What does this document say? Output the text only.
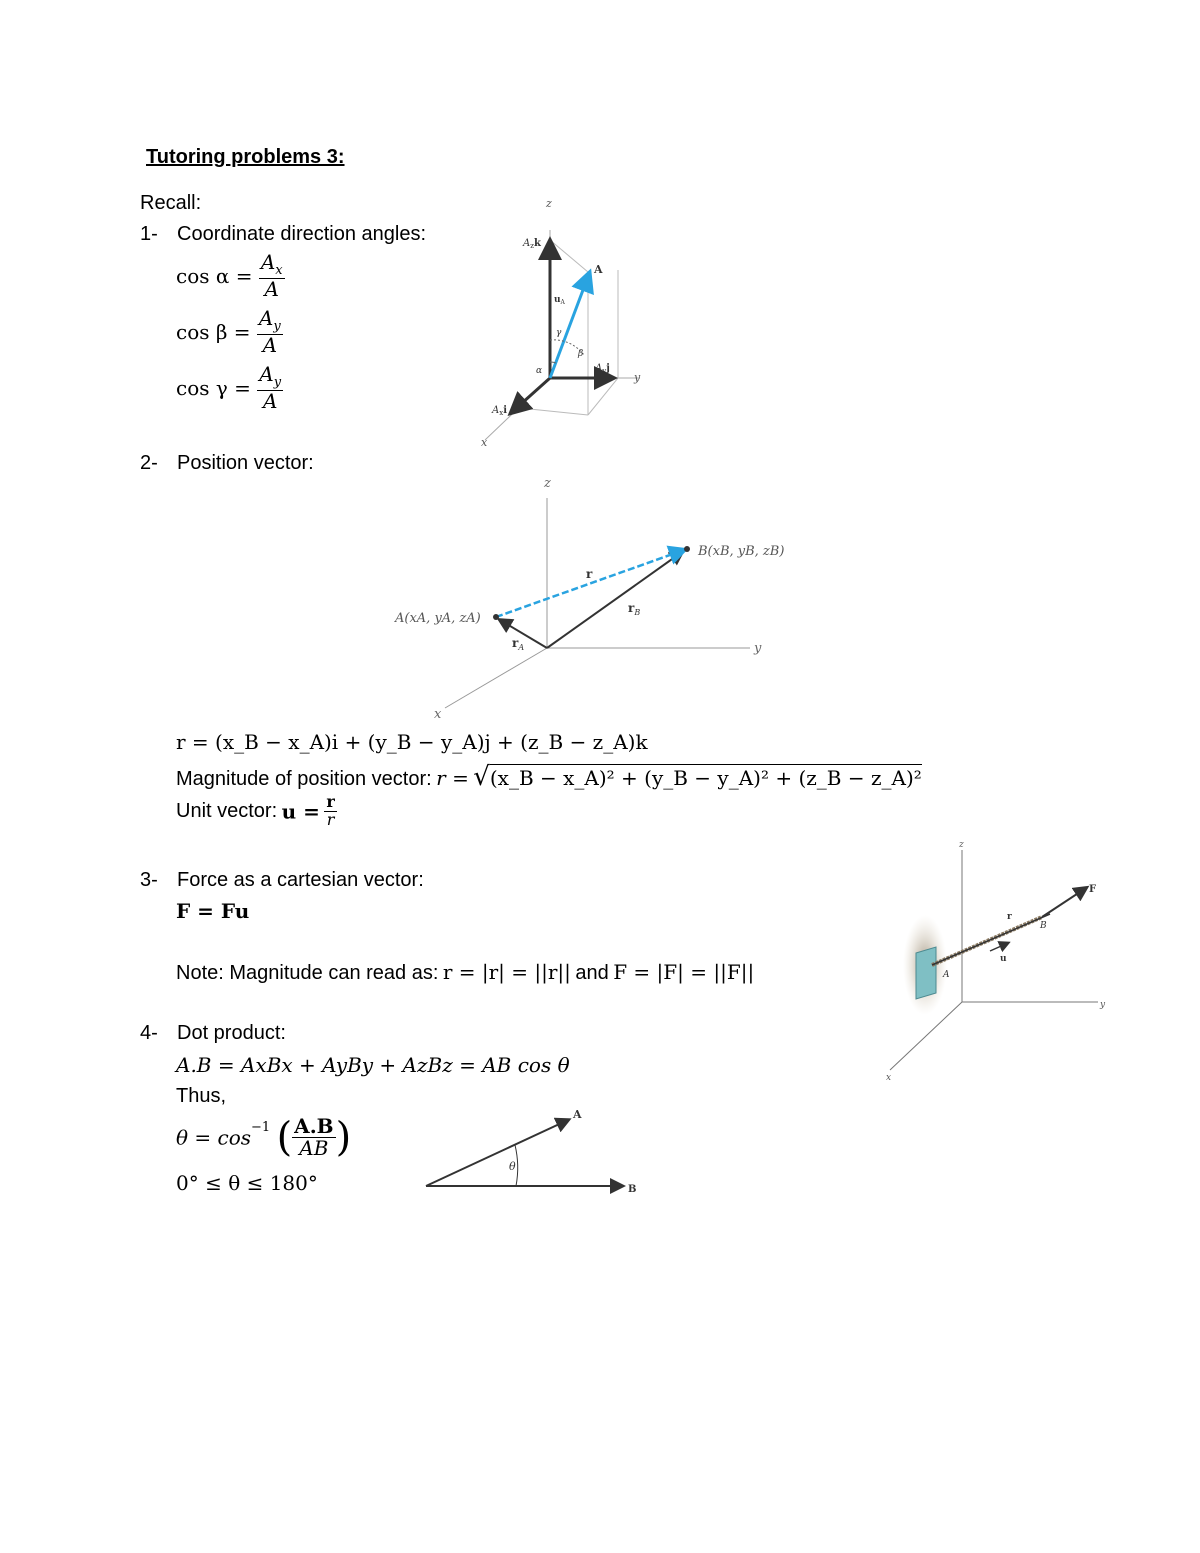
Tutoring problems 3:
Recall:
1- Coordinate direction angles:
$\cos \alpha = \frac{A_x}{A}$
$\cos \beta = \frac{A_y}{A}$
$\cos \gamma = \frac{A_y}{A}$
z
y
x
A
$A_zk$
$A_yj$
$A_xi$
$u_A$
α
β
γ
2- Position vector:
z
y
x
A(xA, yA, zA)
B(xB, yB, zB)
r
$r_A$
$r_B$
r = (x_B − x_A)i + (y_B − y_A)j + (z_B − z_A)k
Magnitude of position vector: r = √(x_B − x_A)² + (y_B − y_A)² + (z_B − z_A)²
Unit vector: $u = \frac{r}{r}$
3- Force as a cartesian vector:
F = Fu
Note: Magnitude can read as: r = |r| = ||r|| and F = |F| = ||F||
z
y
x
F
r
u
A
B
4- Dot product:
A.B = AxBx + AyBy + AzBz = AB cos θ
Thus,
$\theta = \cos^{-1}$ ( $\frac{A.B}{AB}$ )
0° ≤ θ ≤ 180°
A
B
θ
